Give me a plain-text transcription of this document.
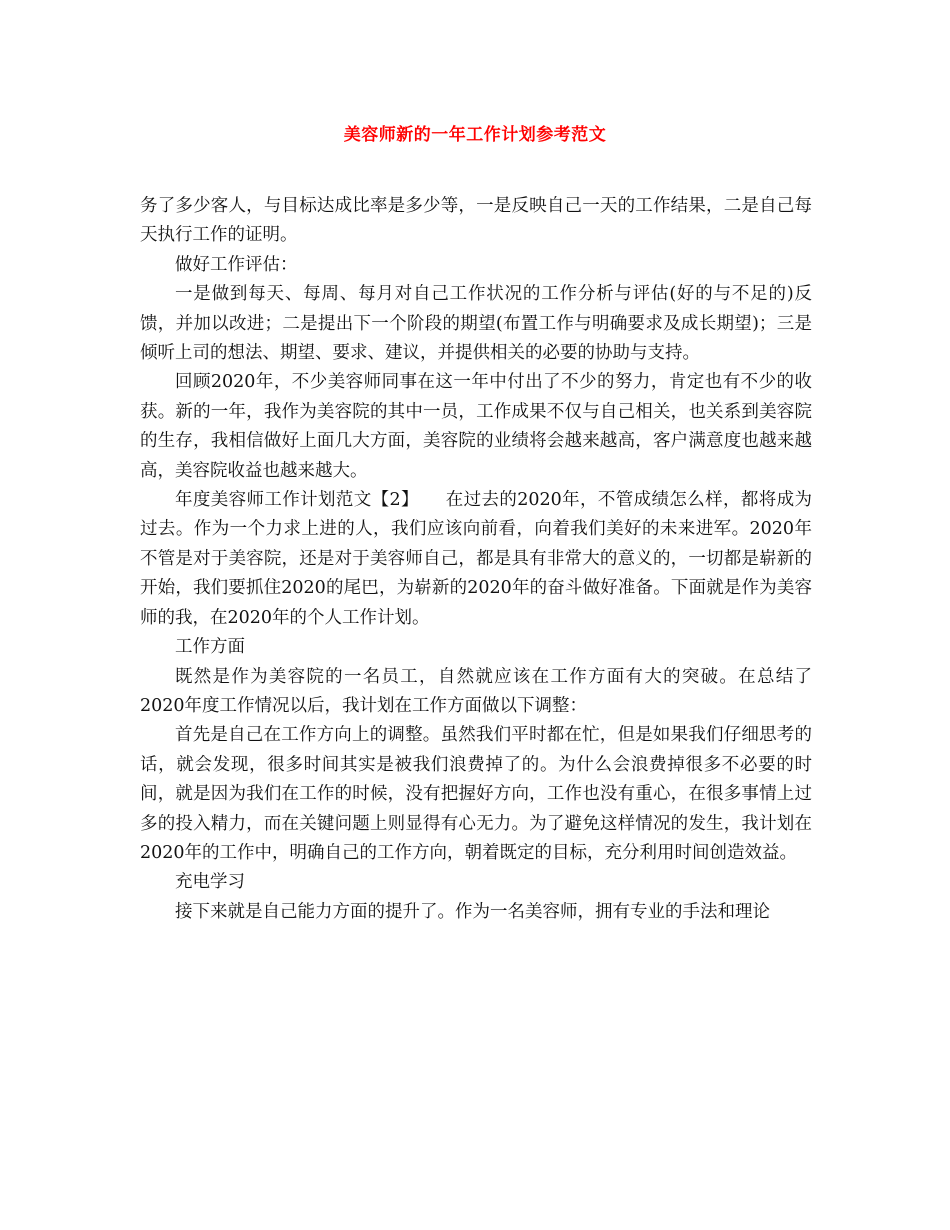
美容师新的一年工作计划参考范文

务了多少客人，与目标达成比率是多少等，一是反映自己一天的工作结果，二是自己每天执行工作的证明。

做好工作评估：

一是做到每天、每周、每月对自己工作状况的工作分析与评估(好的与不足的)反馈，并加以改进；二是提出下一个阶段的期望(布置工作与明确要求及成长期望)；三是倾听上司的想法、期望、要求、建议，并提供相关的必要的协助与支持。

回顾2020年，不少美容师同事在这一年中付出了不少的努力，肯定也有不少的收获。新的一年，我作为美容院的其中一员，工作成果不仅与自己相关，也关系到美容院的生存，我相信做好上面几大方面，美容院的业绩将会越来越高，客户满意度也越来越高，美容院收益也越来越大。

年度美容师工作计划范文【2】　　在过去的2020年，不管成绩怎么样，都将成为过去。作为一个力求上进的人，我们应该向前看，向着我们美好的未来进军。2020年不管是对于美容院，还是对于美容师自己，都是具有非常大的意义的，一切都是崭新的开始，我们要抓住2020的尾巴，为崭新的2020年的奋斗做好准备。下面就是作为美容师的我，在2020年的个人工作计划。

工作方面

既然是作为美容院的一名员工，自然就应该在工作方面有大的突破。在总结了2020年度工作情况以后，我计划在工作方面做以下调整：

首先是自己在工作方向上的调整。虽然我们平时都在忙，但是如果我们仔细思考的话，就会发现，很多时间其实是被我们浪费掉了的。为什么会浪费掉很多不必要的时间，就是因为我们在工作的时候，没有把握好方向，工作也没有重心，在很多事情上过多的投入精力，而在关键问题上则显得有心无力。为了避免这样情况的发生，我计划在2020年的工作中，明确自己的工作方向，朝着既定的目标，充分利用时间创造效益。

充电学习

接下来就是自己能力方面的提升了。作为一名美容师，拥有专业的手法和理论
